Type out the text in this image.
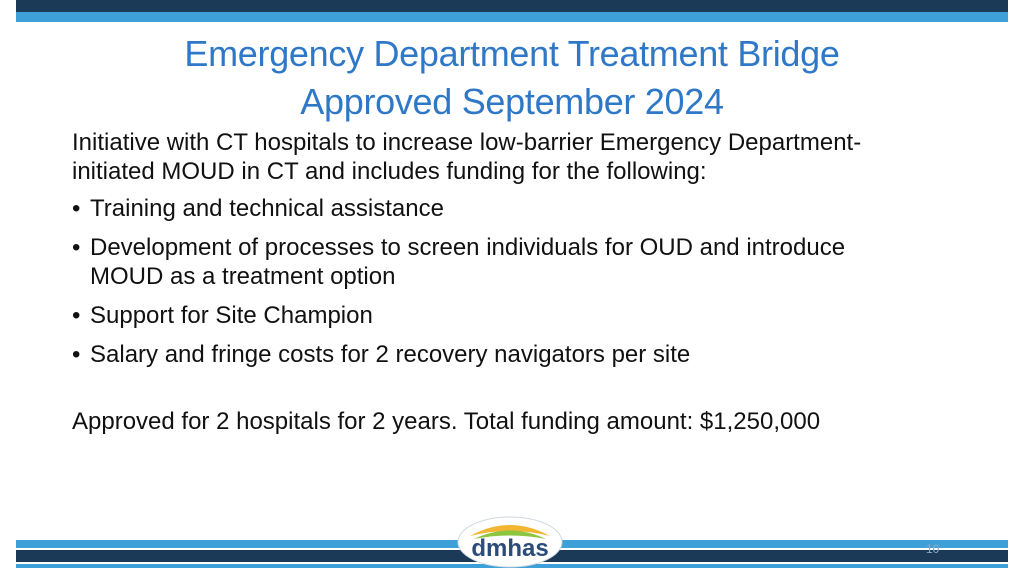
Emergency Department Treatment Bridge
Approved September 2024

Initiative with CT hospitals to increase low-barrier Emergency Department-initiated MOUD in CT and includes funding for the following:

• Training and technical assistance
• Development of processes to screen individuals for OUD and introduce MOUD as a treatment option
• Support for Site Champion
• Salary and fringe costs for 2 recovery navigators per site

Approved for 2 hospitals for 2 years. Total funding amount: $1,250,000

dmhas	10
